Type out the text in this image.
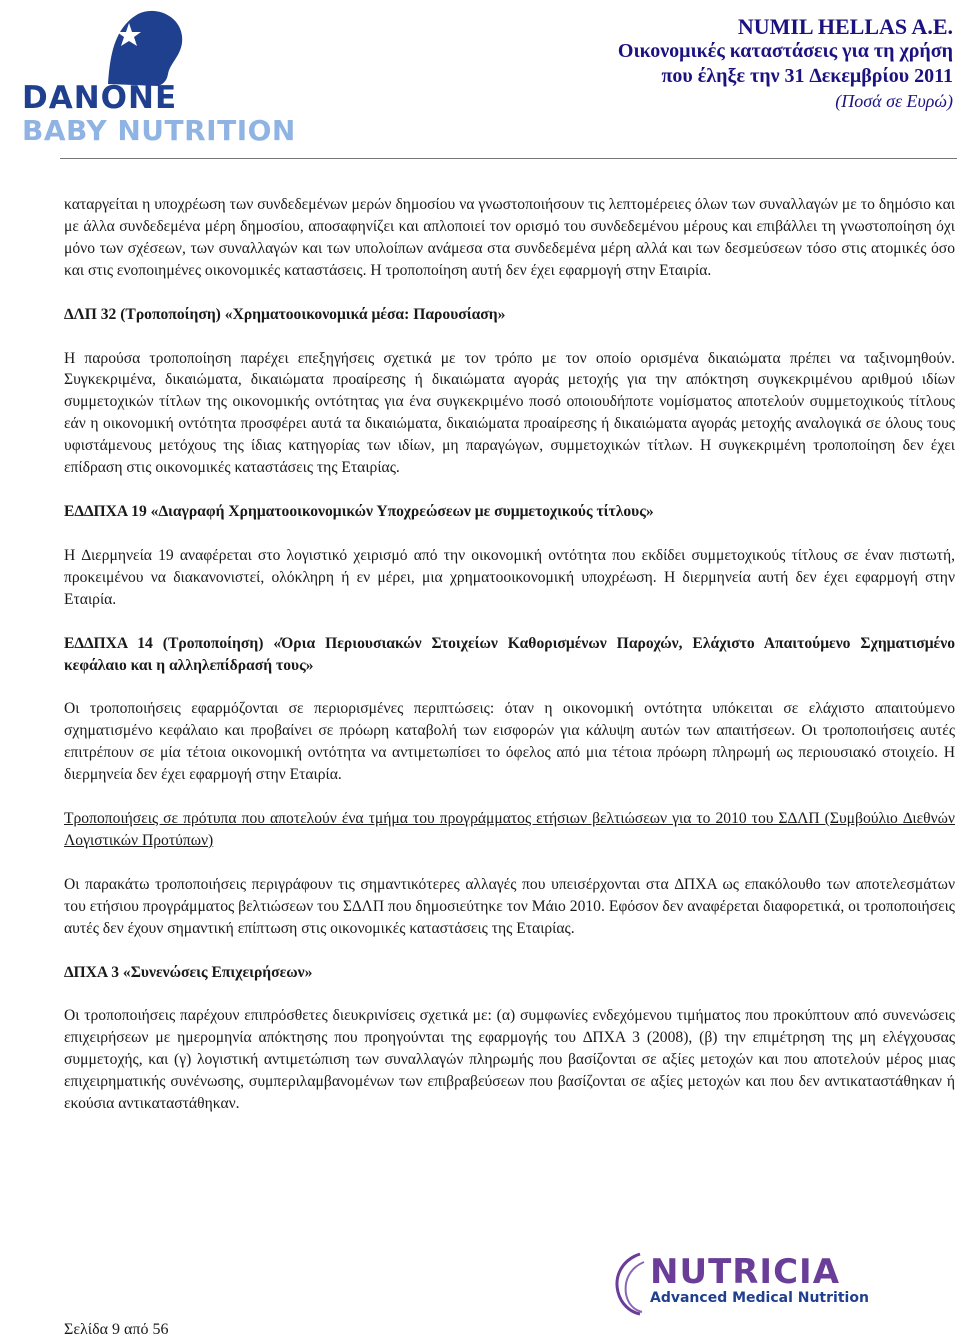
DANONE
BABY NUTRITION
NUMIL HELLAS A.E.
Οικονομικές καταστάσεις για τη χρήση
που έληξε την 31 ∆εκεμβρίου 2011
(Ποσά σε Ευρώ)

καταργείται η υποχρέωση των συνδεδεμένων μερών δημοσίου να γνωστοποιήσουν τις λεπτομέρειες όλων των συναλλαγών με το δημόσιο και με άλλα συνδεδεμένα μέρη δημοσίου, αποσαφηνίζει και απλοποιεί τον ορισμό του συνδεδεμένου μέρους και επιβάλλει τη γνωστοποίηση όχι μόνο των σχέσεων, των συναλλαγών και των υπολοίπων ανάμεσα στα συνδεδεμένα μέρη αλλά και των δεσμεύσεων τόσο στις ατομικές όσο και στις ενοποιημένες οικονομικές καταστάσεις. Η τροποποίηση αυτή δεν έχει εφαρμογή στην Εταιρία.

∆ΛΠ 32 (Τροποποίηση) «Χρηματοοικονομικά μέσα: Παρουσίαση»

Η παρούσα τροποποίηση παρέχει επεξηγήσεις σχετικά με τον τρόπο με τον οποίο ορισμένα δικαιώματα πρέπει να ταξινομηθούν. Συγκεκριμένα, δικαιώματα, δικαιώματα προαίρεσης ή δικαιώματα αγοράς μετοχής για την απόκτηση συγκεκριμένου αριθμού ιδίων συμμετοχικών τίτλων της οικονομικής οντότητας για ένα συγκεκριμένο ποσό οποιουδήποτε νομίσματος αποτελούν συμμετοχικούς τίτλους εάν η οικονομική οντότητα προσφέρει αυτά τα δικαιώματα, δικαιώματα προαίρεσης ή δικαιώματα αγοράς μετοχής αναλογικά σε όλους τους υφιστάμενους μετόχους της ίδιας κατηγορίας των ιδίων, μη παραγώγων, συμμετοχικών τίτλων. Η συγκεκριμένη τροποποίηση δεν έχει επίδραση στις οικονομικές καταστάσεις της Εταιρίας.

Ε∆∆ΠΧΑ 19 «∆ιαγραφή Χρηματοοικονομικών Υποχρεώσεων με συμμετοχικούς τίτλους»

Η ∆ιερμηνεία 19 αναφέρεται στο λογιστικό χειρισμό από την οικονομική οντότητα που εκδίδει συμμετοχικούς τίτλους σε έναν πιστωτή, προκειμένου να διακανονιστεί, ολόκληρη ή εν μέρει, μια χρηματοοικονομική υποχρέωση. Η διερμηνεία αυτή δεν έχει εφαρμογή στην Εταιρία.

Ε∆∆ΠΧΑ 14 (Τροποποίηση) «Όρια Περιουσιακών Στοιχείων Καθορισμένων Παροχών, Ελάχιστο Απαιτούμενο Σχηματισμένο κεφάλαιο και η αλληλεπίδρασή τους»

Οι τροποποιήσεις εφαρμόζονται σε περιορισμένες περιπτώσεις: όταν η οικονομική οντότητα υπόκειται σε ελάχιστο απαιτούμενο σχηματισμένο κεφάλαιο και προβαίνει σε πρόωρη καταβολή των εισφορών για κάλυψη αυτών των απαιτήσεων. Οι τροποποιήσεις αυτές επιτρέπουν σε μία τέτοια οικονομική οντότητα να αντιμετωπίσει το όφελος από μια τέτοια πρόωρη πληρωμή ως περιουσιακό στοιχείο. Η διερμηνεία δεν έχει εφαρμογή στην Εταιρία.

Τροποποιήσεις σε πρότυπα που αποτελούν ένα τμήμα του προγράμματος ετήσιων βελτιώσεων για το 2010 του Σ∆ΛΠ (Συμβούλιο ∆ιεθνών Λογιστικών Προτύπων)

Οι παρακάτω τροποποιήσεις περιγράφουν τις σημαντικότερες αλλαγές που υπεισέρχονται στα ∆ΠΧΑ ως επακόλουθο των αποτελεσμάτων του ετήσιου προγράμματος βελτιώσεων του Σ∆ΛΠ που δημοσιεύτηκε τον Μάιο 2010. Εφόσον δεν αναφέρεται διαφορετικά, οι τροποποιήσεις αυτές δεν έχουν σημαντική επίπτωση στις οικονομικές καταστάσεις της Εταιρίας.

∆ΠΧΑ 3 «Συνενώσεις Επιχειρήσεων»

Οι τροποποιήσεις παρέχουν επιπρόσθετες διευκρινίσεις σχετικά με: (α) συμφωνίες ενδεχόμενου τιμήματος που προκύπτουν από συνενώσεις επιχειρήσεων με ημερομηνία απόκτησης που προηγούνται της εφαρμογής του ∆ΠΧΑ 3 (2008), (β) την επιμέτρηση της μη ελέγχουσας συμμετοχής, και (γ) λογιστική αντιμετώπιση των συναλλαγών πληρωμής που βασίζονται σε αξίες μετοχών και που αποτελούν μέρος μιας επιχειρηματικής συνένωσης, συμπεριλαμβανομένων των επιβραβεύσεων που βασίζονται σε αξίες μετοχών και που δεν αντικαταστάθηκαν ή εκούσια αντικαταστάθηκαν.

NUTRICIA
Advanced Medical Nutrition
Σελίδα 9 από 56
